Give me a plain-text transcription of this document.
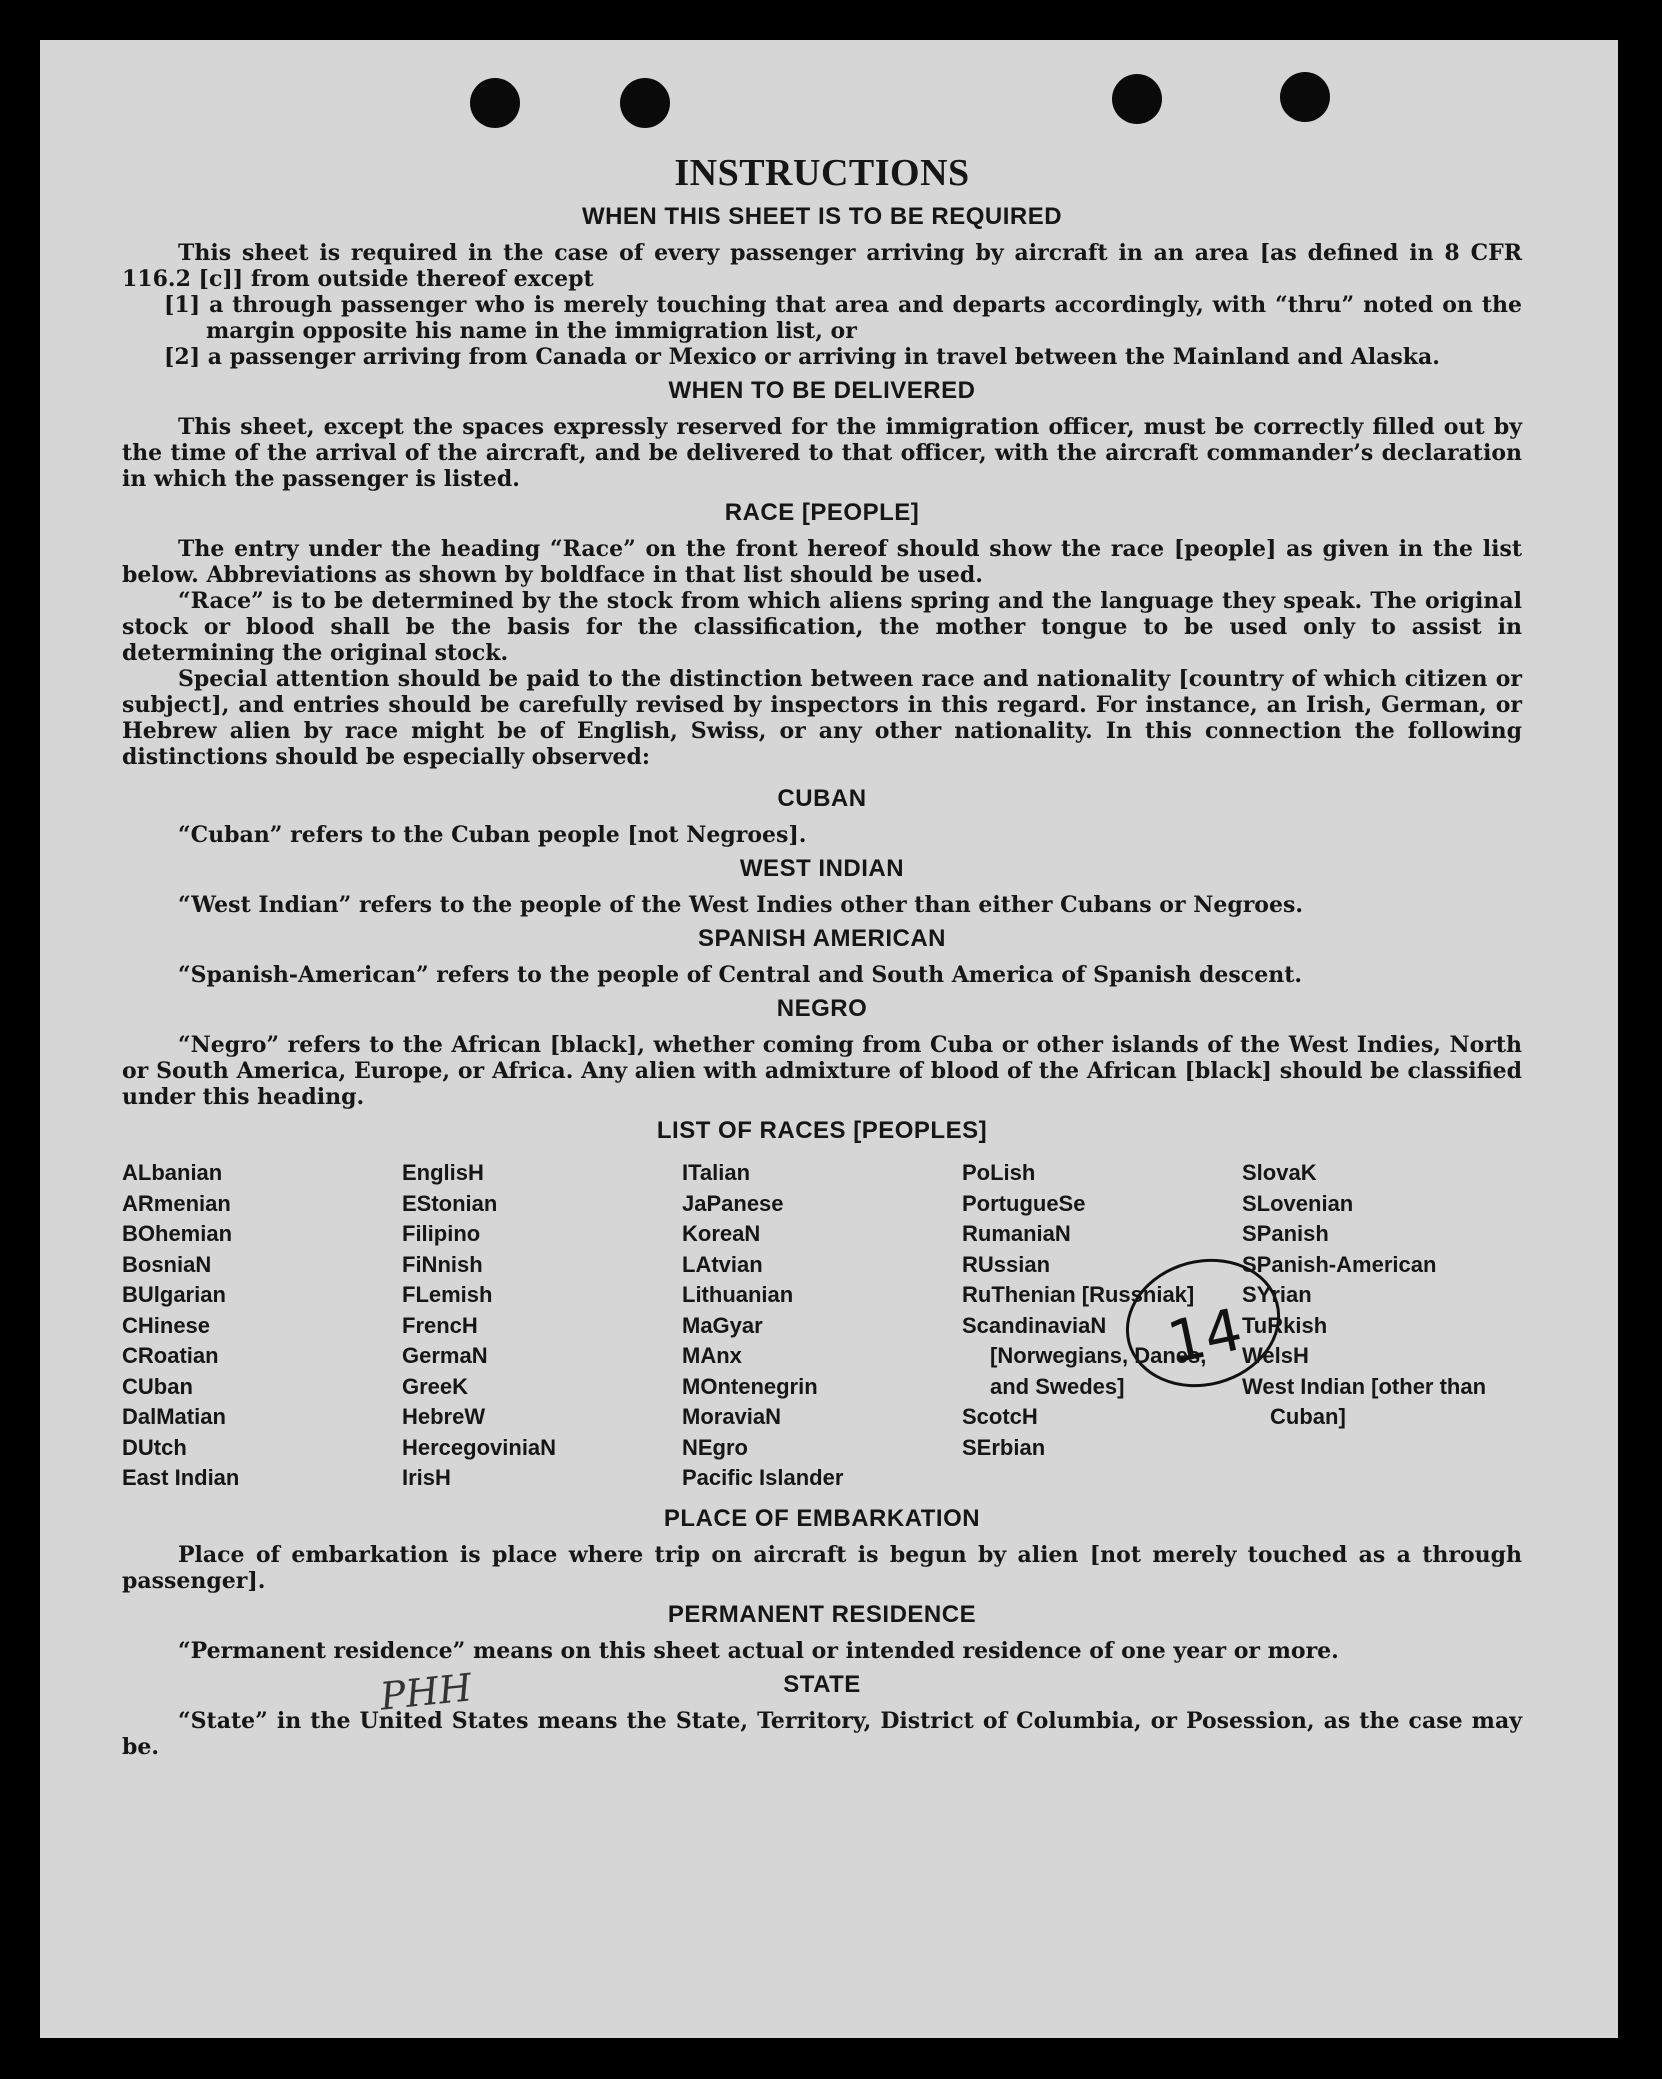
14
PHH
INSTRUCTIONS
WHEN THIS SHEET IS TO BE REQUIRED

This sheet is required in the case of every passenger arriving by aircraft in an area [as defined in 8 CFR 116.2 [c]] from outside thereof except

[1] a through passenger who is merely touching that area and departs accordingly, with “thru” noted on the margin opposite his name in the immigration list, or

[2] a passenger arriving from Canada or Mexico or arriving in travel between the Mainland and Alaska.

WHEN TO BE DELIVERED

This sheet, except the spaces expressly reserved for the immigration officer, must be correctly filled out by the time of the arrival of the aircraft, and be delivered to that officer, with the aircraft commander’s declaration in which the passenger is listed.

RACE [PEOPLE]

The entry under the heading “Race” on the front hereof should show the race [people] as given in the list below. Abbreviations as shown by boldface in that list should be used.

“Race” is to be determined by the stock from which aliens spring and the language they speak. The original stock or blood shall be the basis for the classification, the mother tongue to be used only to assist in determining the original stock.

Special attention should be paid to the distinction between race and nationality [country of which citizen or subject], and entries should be carefully revised by inspectors in this regard. For instance, an Irish, German, or Hebrew alien by race might be of English, Swiss, or any other nationality. In this connection the following distinctions should be especially observed:

CUBAN

“Cuban” refers to the Cuban people [not Negroes].

WEST INDIAN

“West Indian” refers to the people of the West Indies other than either Cubans or Negroes.

SPANISH AMERICAN

“Spanish-American” refers to the people of Central and South America of Spanish descent.

NEGRO

“Negro” refers to the African [black], whether coming from Cuba or other islands of the West Indies, North or South America, Europe, or Africa. Any alien with admixture of blood of the African [black] should be classified under this heading.

LIST OF RACES [PEOPLES]
ALbanian
ARmenian
BOhemian
BosniaN
BUlgarian
CHinese
CRoatian
CUban
DalMatian
DUtch
East Indian
EnglisH
EStonian
Filipino
FiNnish
FLemish
FrencH
GermaN
GreeK
HebreW
HercegoviniaN
IrisH
ITalian
JaPanese
KoreaN
LAtvian
Lithuanian
MaGyar
MAnx
MOntenegrin
MoraviaN
NEgro
Pacific Islander
PoLish
PortugueSe
RumaniaN
RUssian
RuThenian [Russniak]
ScandinaviaN [Norwegians, Danes, and Swedes]
ScotcH
SErbian
SlovaK
SLovenian
SPanish
SPanish-American
SYrian
TuRkish
WelsH
West Indian [other than Cuban]
PLACE OF EMBARKATION

Place of embarkation is place where trip on aircraft is begun by alien [not merely touched as a through passenger].

PERMANENT RESIDENCE

“Permanent residence” means on this sheet actual or intended residence of one year or more.

STATE

“State” in the United States means the State, Territory, District of Columbia, or Posession, as the case may be.
